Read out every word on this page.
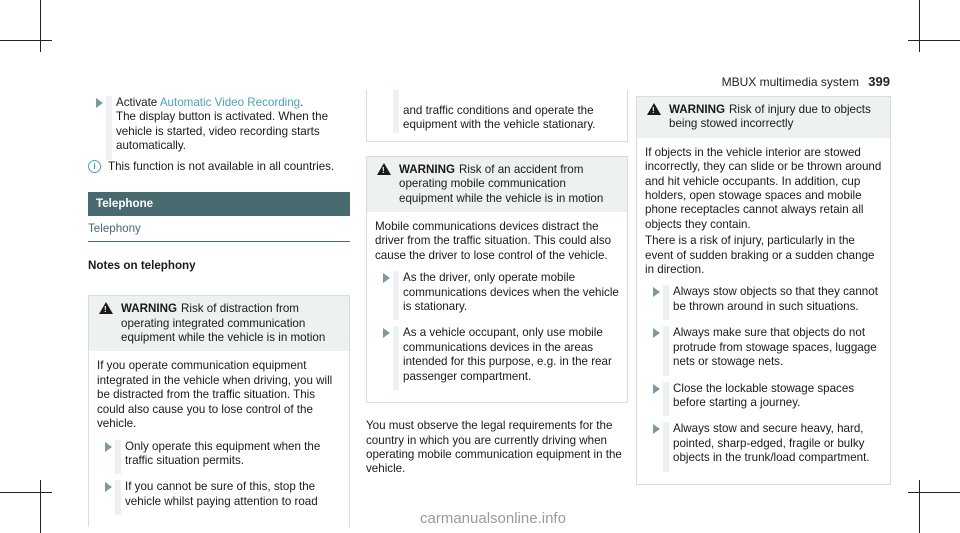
MBUX multimedia system 399
Activate Automatic Video Recording.
The display button is activated. When the vehicle is started, video recording starts automatically.
i	This function is not available in all countries.
Telephone
Telephony
Notes on telephony
!
WARNING Risk of distraction from operating integrated communication equipment while the vehicle is in motion

If you operate communication equipment integrated in the vehicle when driving, you will be distracted from the traffic situation. This could also cause you to lose control of the vehicle.

Only operate this equipment when the traffic situation permits.
If you cannot be sure of this, stop the vehicle whilst paying attention to road
and traffic conditions and operate the equipment with the vehicle stationary.
!
WARNING Risk of an accident from operating mobile communication equipment while the vehicle is in motion

Mobile communications devices distract the driver from the traffic situation. This could also cause the driver to lose control of the vehicle.

As the driver, only operate mobile communications devices when the vehicle is stationary.
As a vehicle occupant, only use mobile communications devices in the areas intended for this purpose, e.g. in the rear passenger compartment.

You must observe the legal requirements for the country in which you are currently driving when operating mobile communication equipment in the vehicle.

!
WARNING Risk of injury due to objects being stowed incorrectly

If objects in the vehicle interior are stowed incorrectly, they can slide or be thrown around and hit vehicle occupants. In addition, cup holders, open stowage spaces and mobile phone receptacles cannot always retain all objects they contain.

There is a risk of injury, particularly in the event of sudden braking or a sudden change in direction.

Always stow objects so that they cannot be thrown around in such situations.
Always make sure that objects do not protrude from stowage spaces, luggage nets or stowage nets.
Close the lockable stowage spaces before starting a journey.
Always stow and secure heavy, hard, pointed, sharp-edged, fragile or bulky objects in the trunk/load compartment.
carmanualsonline.info
